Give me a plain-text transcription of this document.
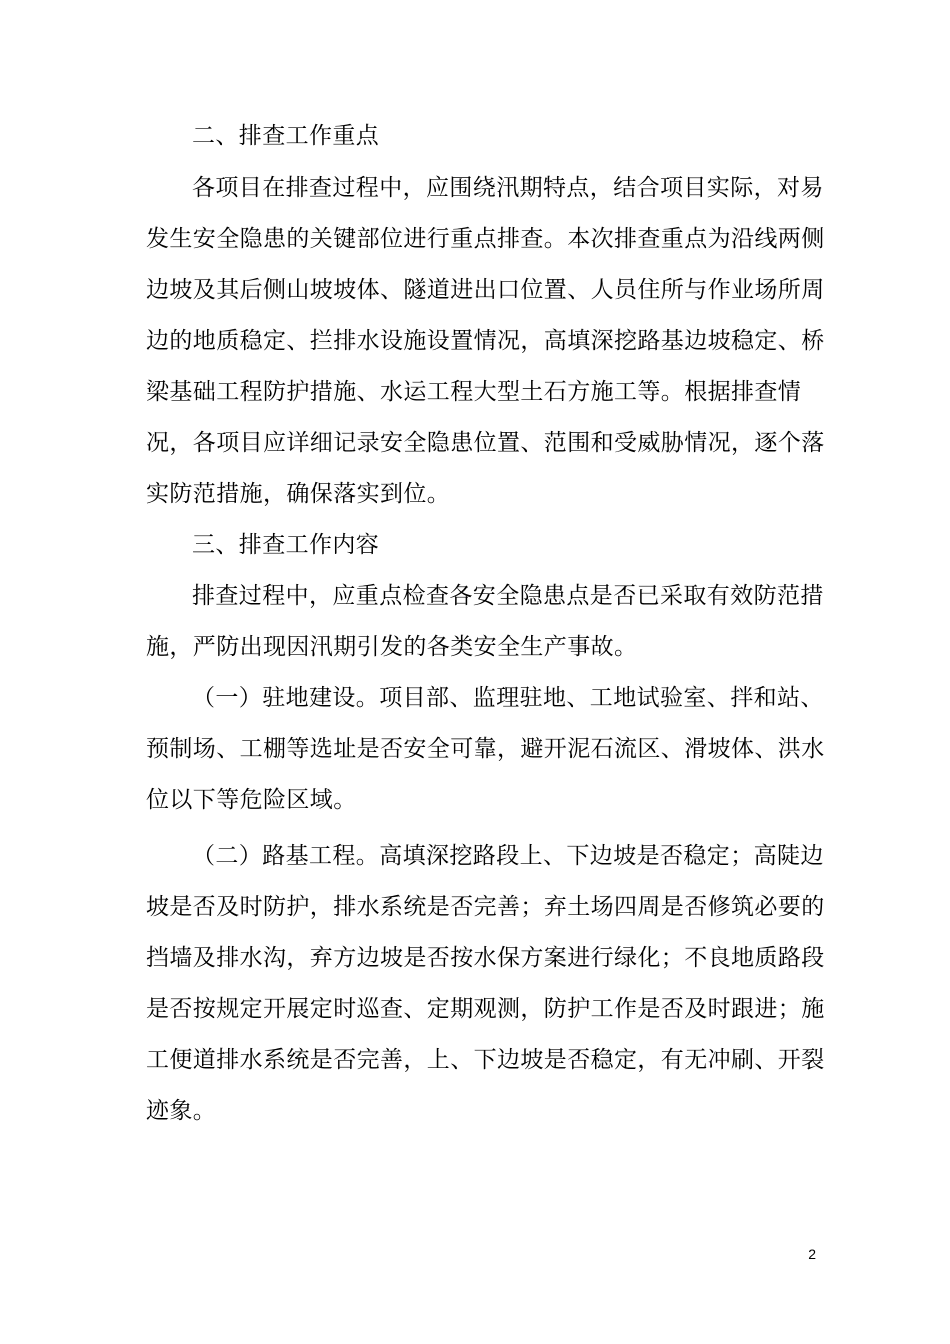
二、排查工作重点
各项目在排查过程中，应围绕汛期特点，结合项目实际，对易
发生安全隐患的关键部位进行重点排查。本次排查重点为沿线两侧
边坡及其后侧山坡坡体、隧道进出口位置、人员住所与作业场所周
边的地质稳定、拦排水设施设置情况，高填深挖路基边坡稳定、桥
梁基础工程防护措施、水运工程大型土石方施工等。根据排查情
况，各项目应详细记录安全隐患位置、范围和受威胁情况，逐个落
实防范措施，确保落实到位。
三、排查工作内容
排查过程中，应重点检查各安全隐患点是否已采取有效防范措
施，严防出现因汛期引发的各类安全生产事故。
（一）驻地建设。项目部、监理驻地、工地试验室、拌和站、
预制场、工棚等选址是否安全可靠，避开泥石流区、滑坡体、洪水
位以下等危险区域。
（二）路基工程。高填深挖路段上、下边坡是否稳定；高陡边
坡是否及时防护，排水系统是否完善；弃土场四周是否修筑必要的
挡墙及排水沟，弃方边坡是否按水保方案进行绿化；不良地质路段
是否按规定开展定时巡查、定期观测，防护工作是否及时跟进；施
工便道排水系统是否完善，上、下边坡是否稳定，有无冲刷、开裂
迹象。
2
